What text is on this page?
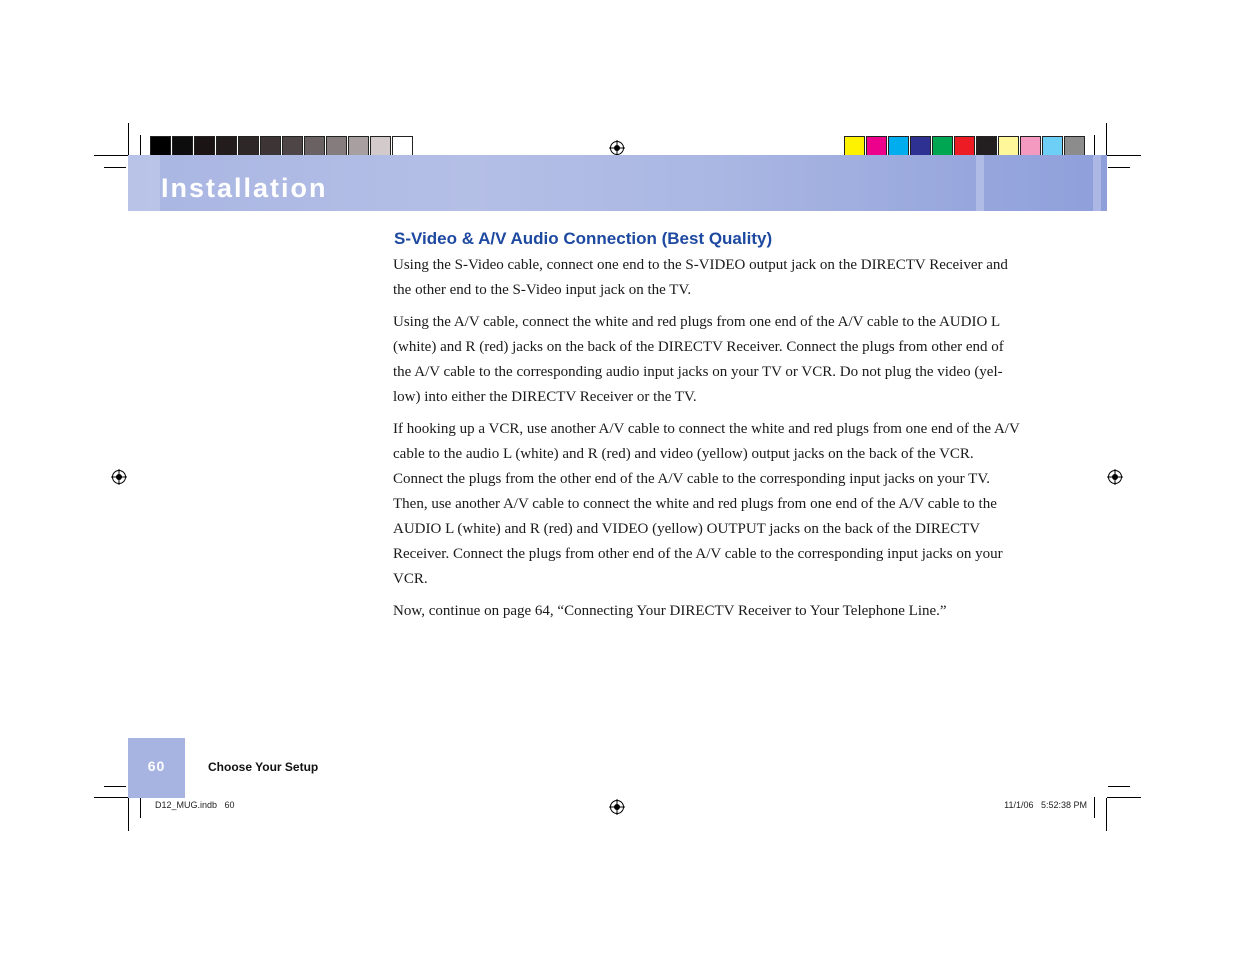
Installation
S-Video & A/V Audio Connection (Best Quality)

Using the S-Video cable, connect one end to the S-VIDEO output jack on the DIRECTV Receiver and the other end to the S-Video input jack on the TV.

Using the A/V cable, connect the white and red plugs from one end of the A/V cable to the AUDIO L (white) and R (red) jacks on the back of the DIRECTV Receiver. Connect the plugs from other end of the A/V cable to the corresponding audio input jacks on your TV or VCR. Do not plug the video (yel-low) into either the DIRECTV Receiver or the TV.

If hooking up a VCR, use another A/V cable to connect the white and red plugs from one end of the A/V cable to the audio L (white) and R (red) and video (yellow) output jacks on the back of the VCR. Connect the plugs from the other end of the A/V cable to the corresponding input jacks on your TV. Then, use another A/V cable to connect the white and red plugs from one end of the A/V cable to the AUDIO L (white) and R (red) and VIDEO (yellow) OUTPUT jacks on the back of the DIRECTV Receiver. Connect the plugs from other end of the A/V cable to the corresponding input jacks on your VCR.

Now, continue on page 64, “Connecting Your DIRECTV Receiver to Your Telephone Line.”

60	Choose Your Setup
D12_MUG.indb   60	11/1/06   5:52:38 PM
